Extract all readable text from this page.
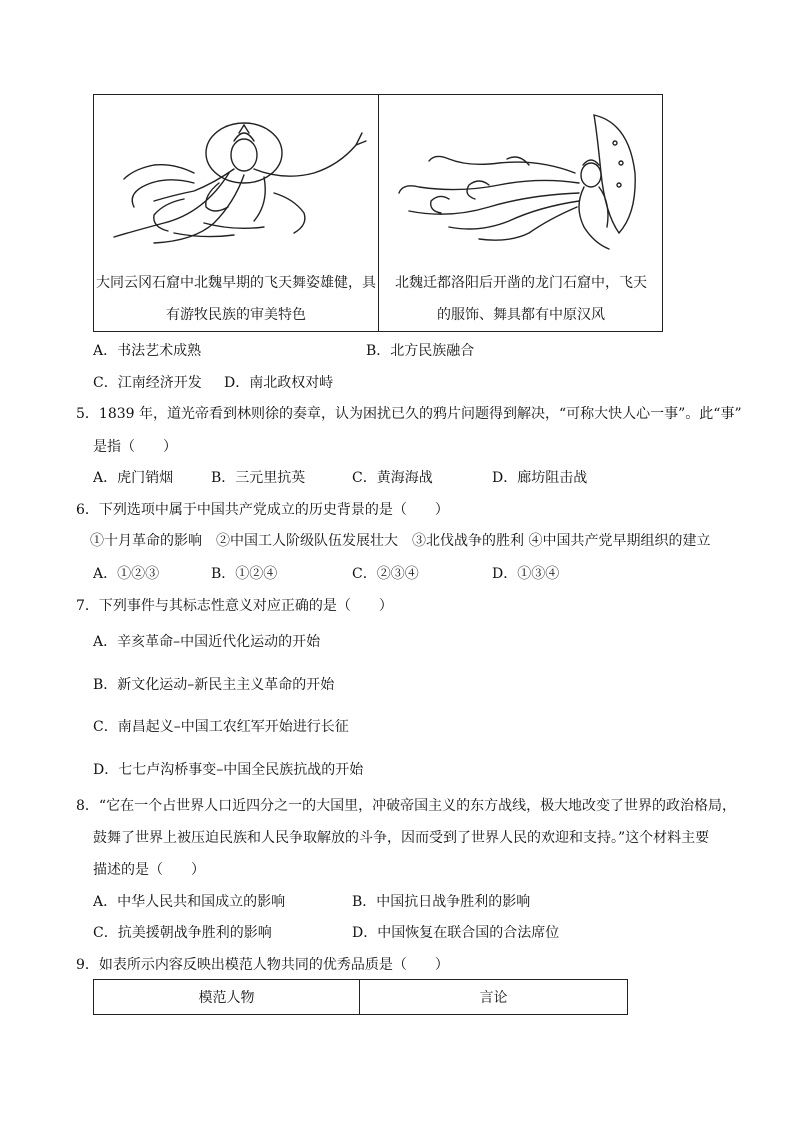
大同云冈石窟中北魏早期的飞天舞姿雄健，具
有游牧民族的审美特色
北魏迁都洛阳后开凿的龙门石窟中，飞天
的服饰、舞具都有中原汉风
A．书法艺术成熟	B．北方民族融合
C．江南经济开发 D．南北政权对峙
5．1839 年，道光帝看到林则徐的奏章，认为困扰已久的鸦片问题得到解决，“可称大快人心一事”。此“事”
是指（　　）
A．虎门销烟	B．三元里抗英	C．黄海海战	D．廊坊阻击战
6．下列选项中属于中国共产党成立的历史背景的是（　　）
①十月革命的影响　②中国工人阶级队伍发展壮大　③北伐战争的胜利 ④中国共产党早期组织的建立
A．①②③	B．①②④	C．②③④	D．①③④
7．下列事件与其标志性意义对应正确的是（　　）
A．辛亥革命–中国近代化运动的开始
B．新文化运动–新民主主义革命的开始
C．南昌起义–中国工农红军开始进行长征
D．七七卢沟桥事变–中国全民族抗战的开始
8．“它在一个占世界人口近四分之一的大国里，冲破帝国主义的东方战线，极大地改变了世界的政治格局，
鼓舞了世界上被压迫民族和人民争取解放的斗争，因而受到了世界人民的欢迎和支持。”这个材料主要
描述的是（　　）
A．中华人民共和国成立的影响	B．中国抗日战争胜利的影响
C．抗美援朝战争胜利的影响	D．中国恢复在联合国的合法席位
9．如表所示内容反映出模范人物共同的优秀品质是（　　）
模范人物	言论
